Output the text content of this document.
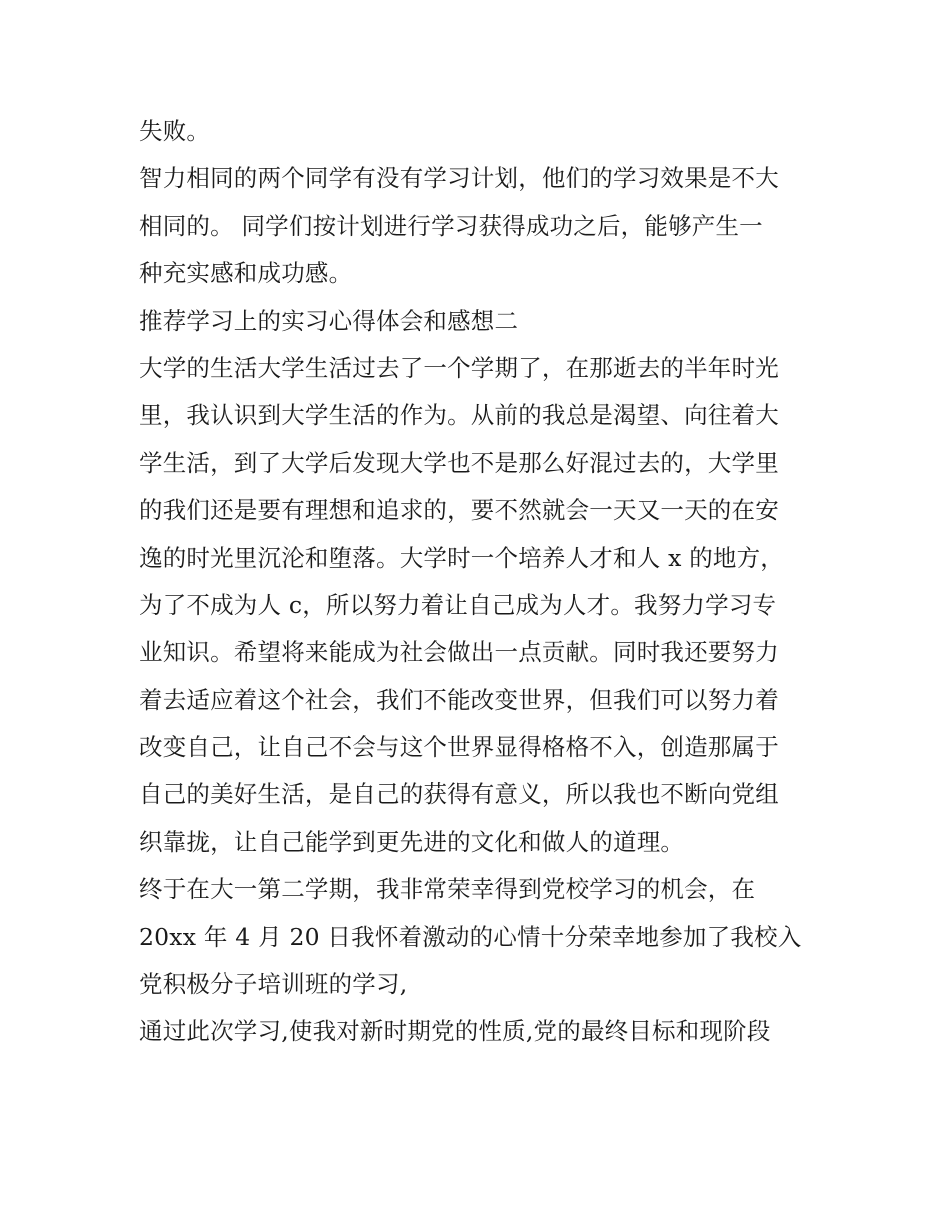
失败。
智力相同的两个同学有没有学习计划，他们的学习效果是不大
相同的。 同学们按计划进行学习获得成功之后，能够产生一
种充实感和成功感。
推荐学习上的实习心得体会和感想二
大学的生活大学生活过去了一个学期了，在那逝去的半年时光
里，我认识到大学生活的作为。从前的我总是渴望、向往着大
学生活，到了大学后发现大学也不是那么好混过去的，大学里
的我们还是要有理想和追求的，要不然就会一天又一天的在安
逸的时光里沉沦和堕落。大学时一个培养人才和人 x 的地方，
为了不成为人 c，所以努力着让自己成为人才。我努力学习专
业知识。希望将来能成为社会做出一点贡献。同时我还要努力
着去适应着这个社会，我们不能改变世界，但我们可以努力着
改变自己，让自己不会与这个世界显得格格不入，创造那属于
自己的美好生活，是自己的获得有意义，所以我也不断向党组
织靠拢，让自己能学到更先进的文化和做人的道理。
终于在大一第二学期，我非常荣幸得到党校学习的机会，在
20xx 年 4 月 20 日我怀着激动的心情十分荣幸地参加了我校入
党积极分子培训班的学习,
通过此次学习,使我对新时期党的性质,党的最终目标和现阶段
